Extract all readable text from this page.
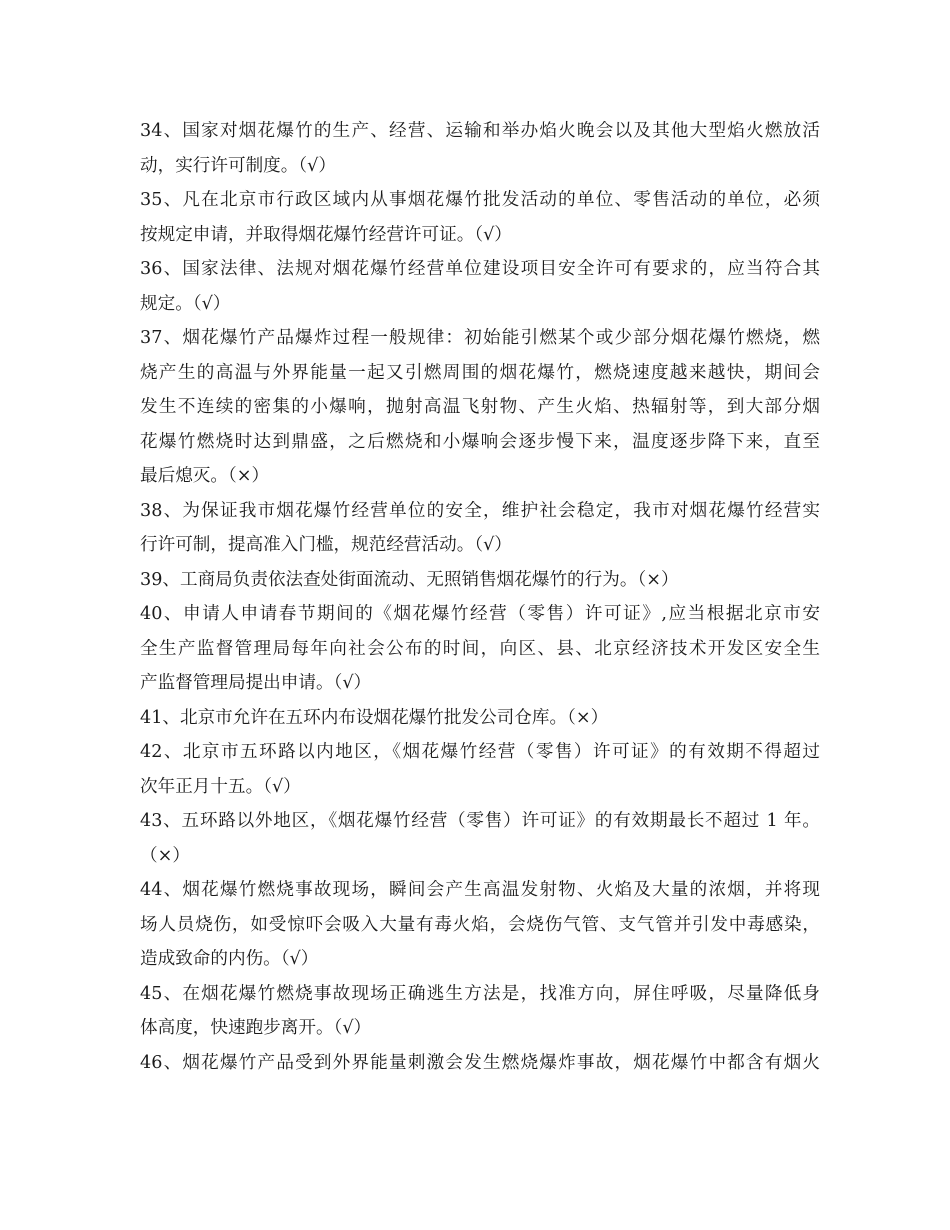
34、国家对烟花爆竹的生产、经营、运输和举办焰火晚会以及其他大型焰火燃放活
动，实行许可制度。（√）
35、凡在北京市行政区域内从事烟花爆竹批发活动的单位、零售活动的单位，必须
按规定申请，并取得烟花爆竹经营许可证。（√）
36、国家法律、法规对烟花爆竹经营单位建设项目安全许可有要求的，应当符合其
规定。（√）
37、烟花爆竹产品爆炸过程一般规律：初始能引燃某个或少部分烟花爆竹燃烧，燃
烧产生的高温与外界能量一起又引燃周围的烟花爆竹，燃烧速度越来越快，期间会
发生不连续的密集的小爆响，抛射高温飞射物、产生火焰、热辐射等，到大部分烟
花爆竹燃烧时达到鼎盛，之后燃烧和小爆响会逐步慢下来，温度逐步降下来，直至
最后熄灭。（×）
38、为保证我市烟花爆竹经营单位的安全，维护社会稳定，我市对烟花爆竹经营实
行许可制，提高准入门槛，规范经营活动。（√）
39、工商局负责依法查处街面流动、无照销售烟花爆竹的行为。（×）
40、申请人申请春节期间的《烟花爆竹经营（零售）许可证》,应当根据北京市安
全生产监督管理局每年向社会公布的时间，向区、县、北京经济技术开发区安全生
产监督管理局提出申请。（√）
41、北京市允许在五环内布设烟花爆竹批发公司仓库。（×）
42、北京市五环路以内地区，《烟花爆竹经营（零售）许可证》的有效期不得超过
次年正月十五。（√）
43、五环路以外地区，《烟花爆竹经营（零售）许可证》的有效期最长不超过 1 年。
（×）
44、烟花爆竹燃烧事故现场，瞬间会产生高温发射物、火焰及大量的浓烟，并将现
场人员烧伤，如受惊吓会吸入大量有毒火焰，会烧伤气管、支气管并引发中毒感染，
造成致命的内伤。（√）
45、在烟花爆竹燃烧事故现场正确逃生方法是，找准方向，屏住呼吸，尽量降低身
体高度，快速跑步离开。（√）
46、烟花爆竹产品受到外界能量刺激会发生燃烧爆炸事故，烟花爆竹中都含有烟火
